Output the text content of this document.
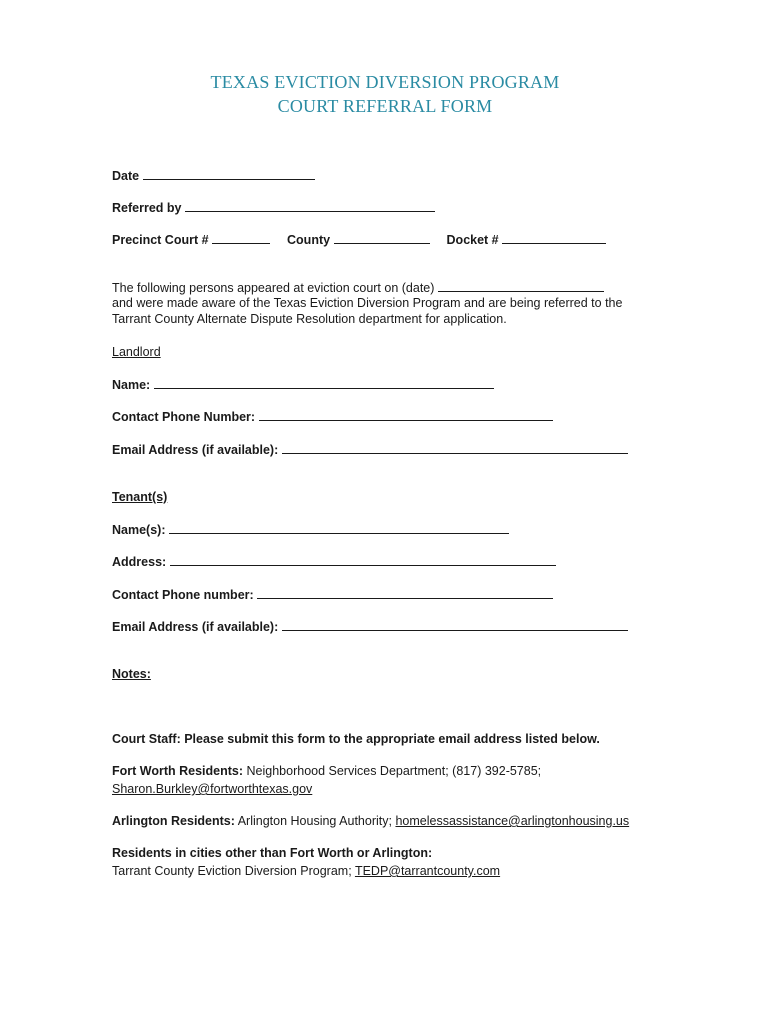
TEXAS EVICTION DIVERSION PROGRAM
COURT REFERRAL FORM
Date
Referred by
Precinct Court #	County	Docket #
The following persons appeared at eviction court on (date)
and were made aware of the Texas Eviction Diversion Program and are being referred to the
Tarrant County Alternate Dispute Resolution department for application.
Landlord
Name:
Contact Phone Number:
Email Address (if available):
Tenant(s)
Name(s):
Address:
Contact Phone number:
Email Address (if available):
Notes:
Court Staff: Please submit this form to the appropriate email address listed below.
Fort Worth Residents: Neighborhood Services Department; (817) 392-5785;
Sharon.Burkley@fortworthtexas.gov
Arlington Residents: Arlington Housing Authority; homelessassistance@arlingtonhousing.us
Residents in cities other than Fort Worth or Arlington:
Tarrant County Eviction Diversion Program; TEDP@tarrantcounty.com
